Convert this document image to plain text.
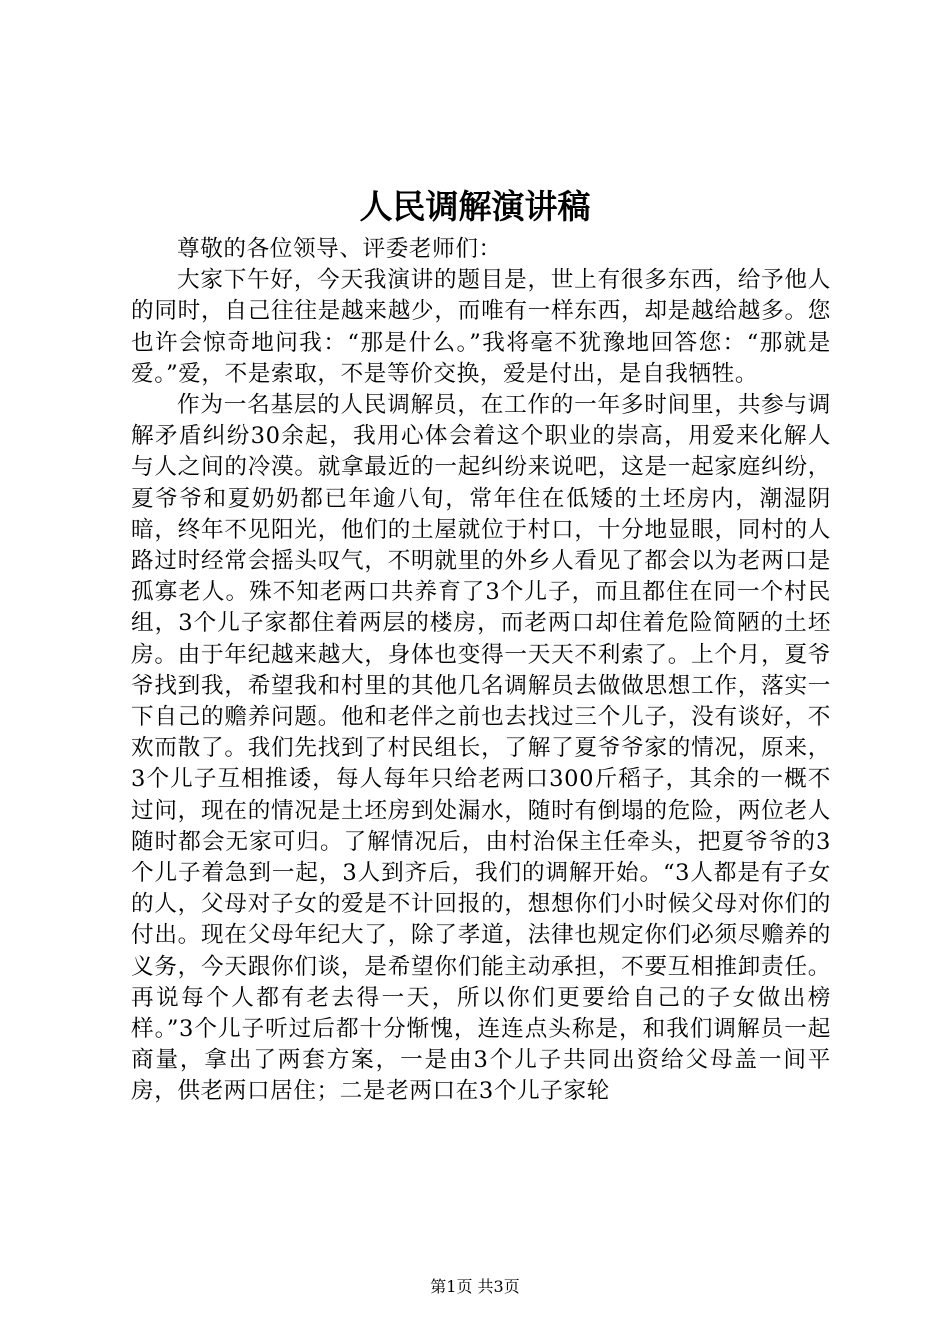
人民调解演讲稿

尊敬的各位领导、评委老师们：

大家下午好，今天我演讲的题目是，世上有很多东西，给予他人的同时，自己往往是越来越少，而唯有一样东西，却是越给越多。您也许会惊奇地问我：“那是什么。”我将毫不犹豫地回答您：“那就是爱。”爱，不是索取，不是等价交换，爱是付出，是自我牺牲。

作为一名基层的人民调解员，在工作的一年多时间里，共参与调解矛盾纠纷30余起，我用心体会着这个职业的崇高，用爱来化解人与人之间的冷漠。就拿最近的一起纠纷来说吧，这是一起家庭纠纷，夏爷爷和夏奶奶都已年逾八旬，常年住在低矮的土坯房内，潮湿阴暗，终年不见阳光，他们的土屋就位于村口，十分地显眼，同村的人路过时经常会摇头叹气，不明就里的外乡人看见了都会以为老两口是孤寡老人。殊不知老两口共养育了3个儿子，而且都住在同一个村民组，3个儿子家都住着两层的楼房，而老两口却住着危险简陋的土坯房。由于年纪越来越大，身体也变得一天天不利索了。上个月，夏爷爷找到我，希望我和村里的其他几名调解员去做做思想工作，落实一下自己的赡养问题。他和老伴之前也去找过三个儿子，没有谈好，不欢而散了。我们先找到了村民组长，了解了夏爷爷家的情况，原来，3个儿子互相推诿，每人每年只给老两口300斤稻子，其余的一概不过问，现在的情况是土坯房到处漏水，随时有倒塌的危险，两位老人随时都会无家可归。了解情况后，由村治保主任牵头，把夏爷爷的3个儿子着急到一起，3人到齐后，我们的调解开始。“3人都是有子女的人，父母对子女的爱是不计回报的，想想你们小时候父母对你们的付出。现在父母年纪大了，除了孝道，法律也规定你们必须尽赡养的义务，今天跟你们谈，是希望你们能主动承担，不要互相推卸责任。再说每个人都有老去得一天，所以你们更要给自己的子女做出榜样。”3个儿子听过后都十分惭愧，连连点头称是，和我们调解员一起商量，拿出了两套方案，一是由3个儿子共同出资给父母盖一间平房，供老两口居住；二是老两口在3个儿子家轮

第1页 共3页
